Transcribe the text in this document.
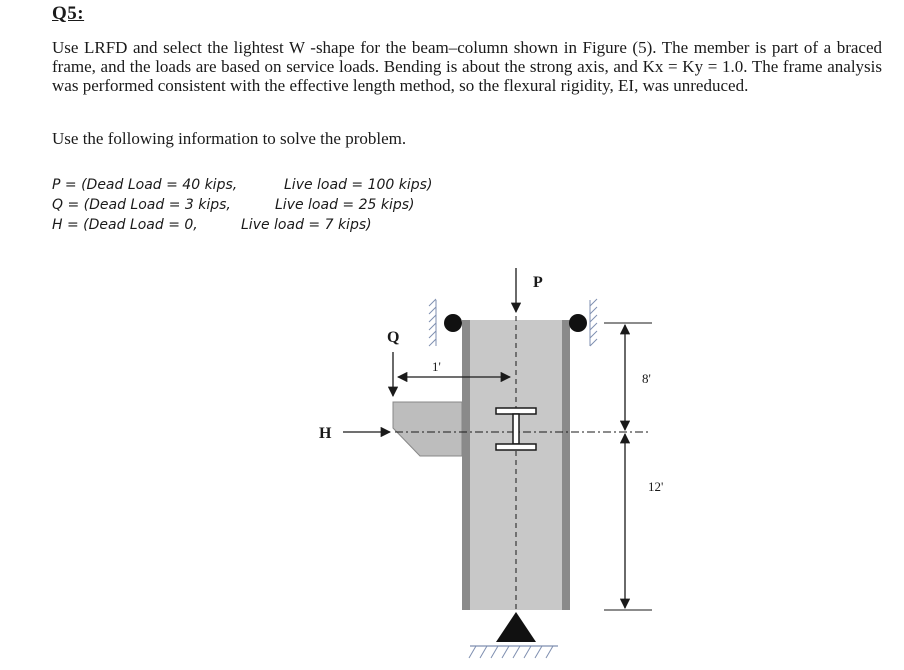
Q5:

Use LRFD and select the lightest W -shape for the beam–column shown in Figure (5). The member is part of a braced frame, and the loads are based on service loads. Bending is about the strong axis, and Kx = Ky = 1.0. The frame analysis was performed consistent with the effective length method, so the flexural rigidity, EI, was unreduced.

Use the following information to solve the problem.
P = (Dead Load = 40 kips,	Live load = 100 kips)
Q = (Dead Load = 3 kips,	Live load = 25 kips)
H = (Dead Load = 0,	Live load = 7 kips)
P
Q
1'
H
8'
12'
